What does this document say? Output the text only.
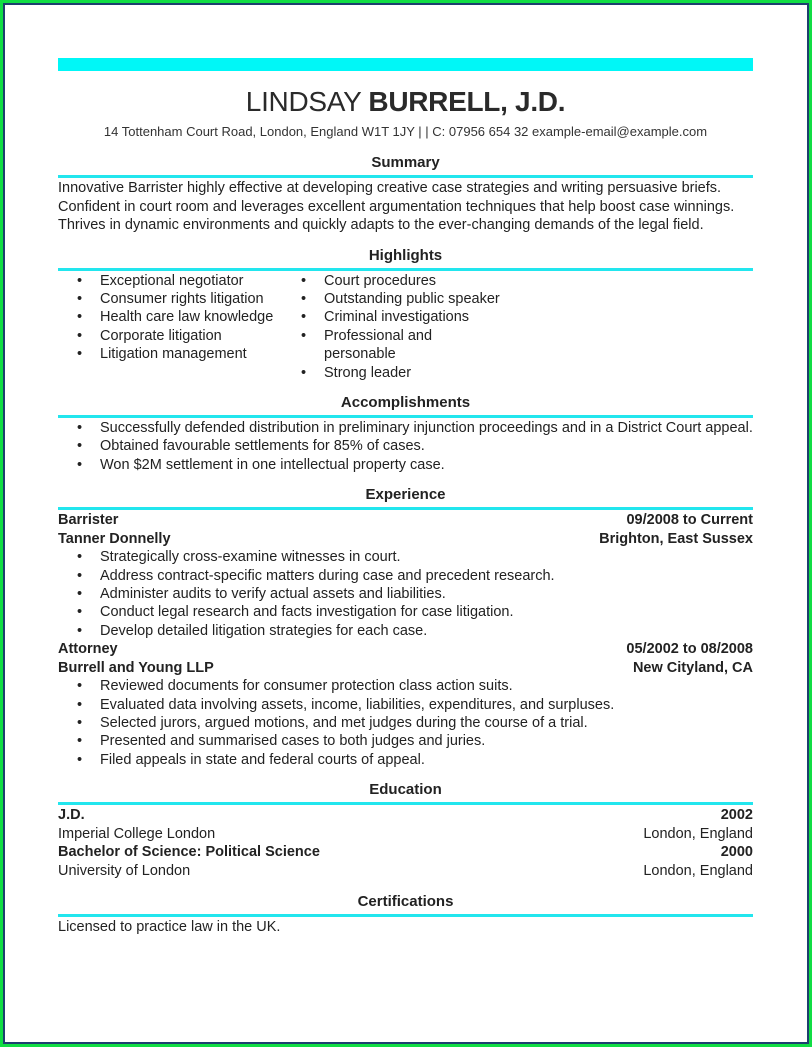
LINDSAY BURRELL, J.D.
14 Tottenham Court Road, London, England W1T 1JY | | C: 07956 654 32 example-email@example.com
Summary
Innovative Barrister highly effective at developing creative case strategies and writing persuasive briefs.
Confident in court room and leverages excellent argumentation techniques that help boost case winnings.
Thrives in dynamic environments and quickly adapts to the ever-changing demands of the legal field.
Highlights
• Exceptional negotiator
• Consumer rights litigation
• Health care law knowledge
• Corporate litigation
• Litigation management
• Court procedures
• Outstanding public speaker
• Criminal investigations
• Professional and personable
• Strong leader
Accomplishments
• Successfully defended distribution in preliminary injunction proceedings and in a District Court appeal.
• Obtained favourable settlements for 85% of cases.
• Won $2M settlement in one intellectual property case.
Experience
Barrister	09/2008 to Current
Tanner Donnelly	Brighton, East Sussex
• Strategically cross-examine witnesses in court.
• Address contract-specific matters during case and precedent research.
• Administer audits to verify actual assets and liabilities.
• Conduct legal research and facts investigation for case litigation.
• Develop detailed litigation strategies for each case.
Attorney	05/2002 to 08/2008
Burrell and Young LLP	New Cityland, CA
• Reviewed documents for consumer protection class action suits.
• Evaluated data involving assets, income, liabilities, expenditures, and surpluses.
• Selected jurors, argued motions, and met judges during the course of a trial.
• Presented and summarised cases to both judges and juries.
• Filed appeals in state and federal courts of appeal.
Education
J.D.	2002
Imperial College London	London, England
Bachelor of Science: Political Science	2000
University of London	London, England
Certifications
Licensed to practice law in the UK.
